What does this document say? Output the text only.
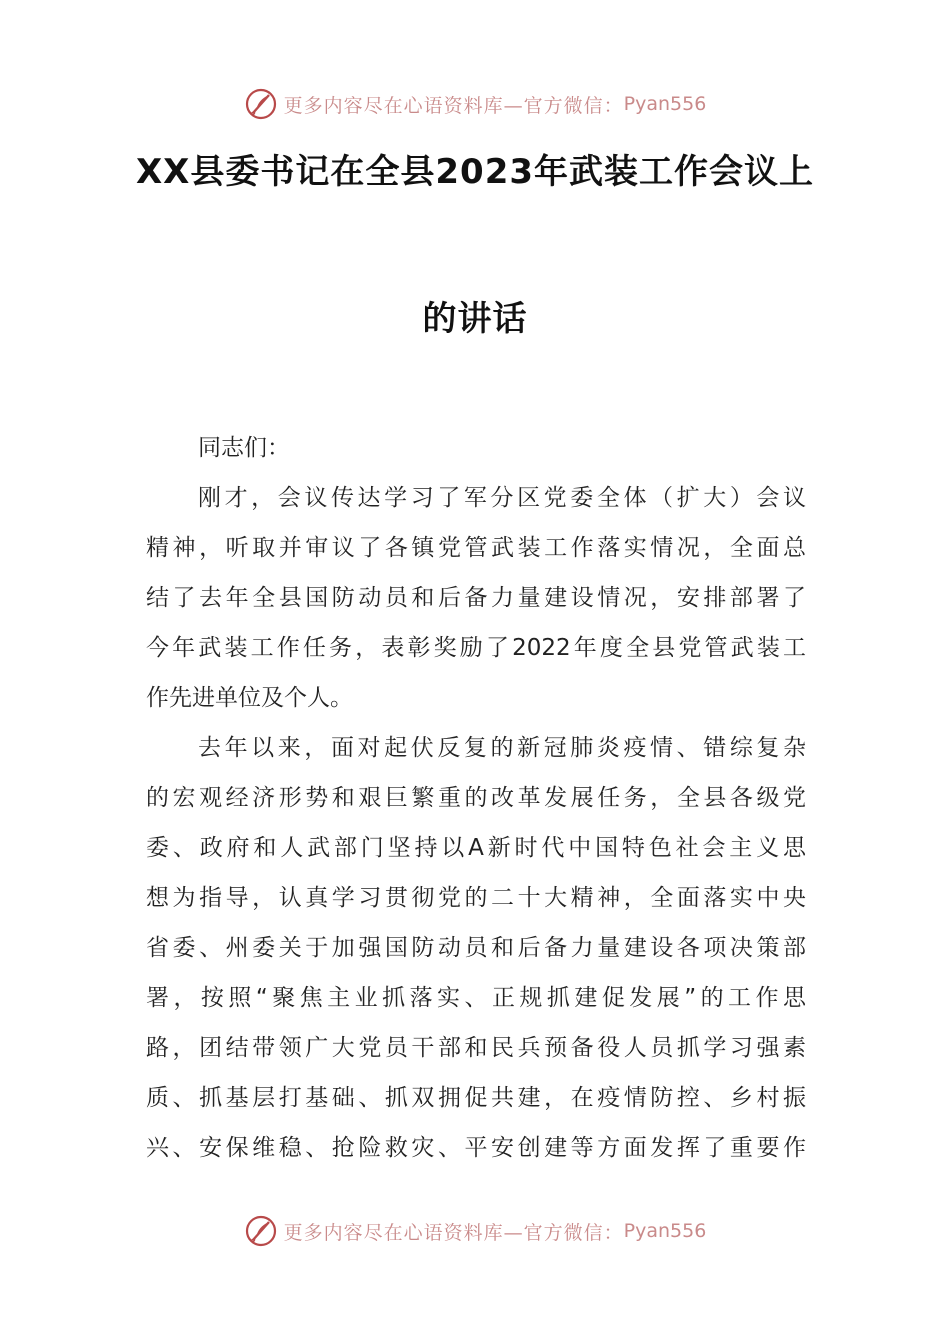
更多内容尽在心语资料库—官方微信： Pyan556
XX县委书记在全县2023年武装工作会议上
的讲话
同志们：
刚才，会议传达学习了军分区党委全体（扩大）会议
精神，听取并审议了各镇党管武装工作落实情况，全面总
结了去年全县国防动员和后备力量建设情况，安排部署了
今年武装工作任务，表彰奖励了2022年度全县党管武装工
作先进单位及个人。
去年以来，面对起伏反复的新冠肺炎疫情、错综复杂
的宏观经济形势和艰巨繁重的改革发展任务，全县各级党
委、政府和人武部门坚持以A新时代中国特色社会主义思
想为指导，认真学习贯彻党的二十大精神，全面落实中央
省委、州委关于加强国防动员和后备力量建设各项决策部
署，按照“聚焦主业抓落实、正规抓建促发展”的工作思
路，团结带领广大党员干部和民兵预备役人员抓学习强素
质、抓基层打基础、抓双拥促共建，在疫情防控、乡村振
兴、安保维稳、抢险救灾、平安创建等方面发挥了重要作
更多内容尽在心语资料库—官方微信： Pyan556
